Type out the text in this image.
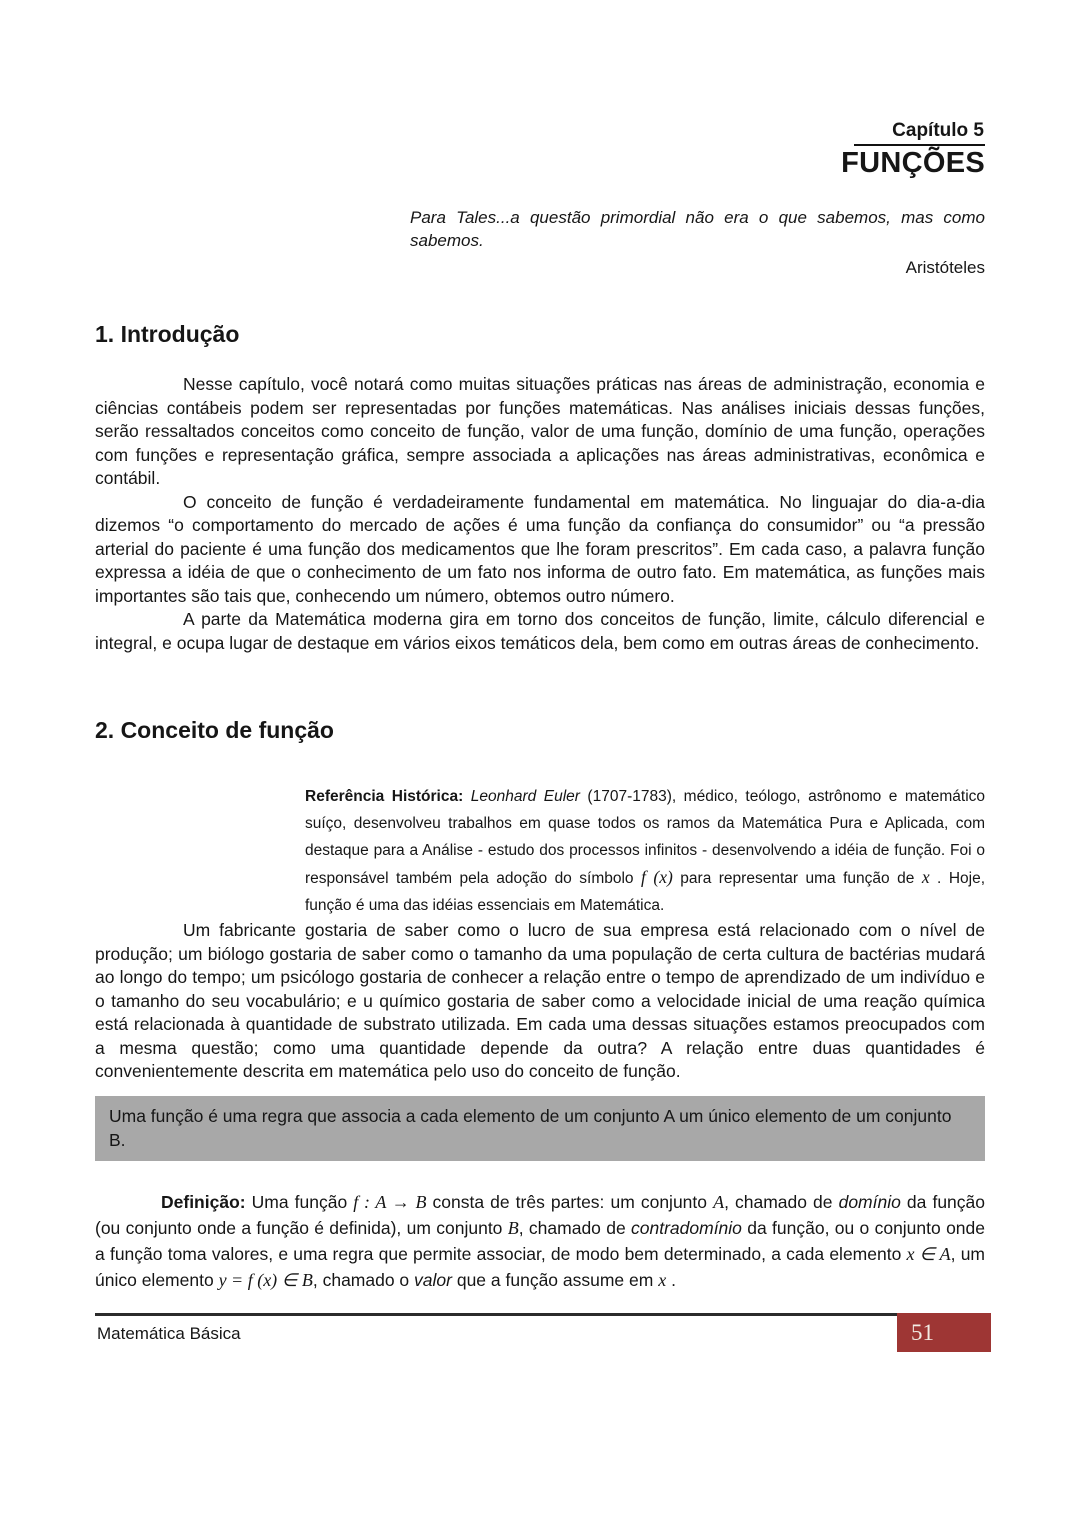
Capítulo 5
FUNÇÕES
Para Tales...a questão primordial não era o que sabemos, mas como sabemos.
Aristóteles
1. Introdução

Nesse capítulo, você notará como muitas situações práticas nas áreas de administração, economia e ciências contábeis podem ser representadas por funções matemáticas. Nas análises iniciais dessas funções, serão ressaltados conceitos como conceito de função, valor de uma função, domínio de uma função, operações com funções e representação gráfica, sempre associada a aplicações nas áreas administrativas, econômica e contábil.

O conceito de função é verdadeiramente fundamental em matemática. No linguajar do dia-a-dia dizemos “o comportamento do mercado de ações é uma função da confiança do consumidor” ou “a pressão arterial do paciente é uma função dos medicamentos que lhe foram prescritos”. Em cada caso, a palavra função expressa a idéia de que o conhecimento de um fato nos informa de outro fato. Em matemática, as funções mais importantes são tais que, conhecendo um número, obtemos outro número.

A parte da Matemática moderna gira em torno dos conceitos de função, limite, cálculo diferencial e integral, e ocupa lugar de destaque em vários eixos temáticos dela, bem como em outras áreas de conhecimento.

2. Conceito de função
Referência Histórica: Leonhard Euler (1707-1783), médico, teólogo, astrônomo e matemático suíço, desenvolveu trabalhos em quase todos os ramos da Matemática Pura e Aplicada, com destaque para a Análise - estudo dos processos infinitos - desenvolvendo a idéia de função. Foi o responsável também pela adoção do símbolo f (x) para representar uma função de x . Hoje, função é uma das idéias essenciais em Matemática.

Um fabricante gostaria de saber como o lucro de sua empresa está relacionado com o nível de produção; um biólogo gostaria de saber como o tamanho da uma população de certa cultura de bactérias mudará ao longo do tempo; um psicólogo gostaria de conhecer a relação entre o tempo de aprendizado de um indivíduo e o tamanho do seu vocabulário; e u químico gostaria de saber como a velocidade inicial de uma reação química está relacionada à quantidade de substrato utilizada. Em cada uma dessas situações estamos preocupados com a mesma questão; como uma quantidade depende da outra? A relação entre duas quantidades é convenientemente descrita em matemática pelo uso do conceito de função.

Uma função é uma regra que associa a cada elemento de um conjunto A um único elemento de um conjunto B.

Definição: Uma função f : A → B consta de três partes: um conjunto A, chamado de domínio da função (ou conjunto onde a função é definida), um conjunto B, chamado de contradomínio da função, ou o conjunto onde a função toma valores, e uma regra que permite associar, de modo bem determinado, a cada elemento x ∈ A, um único elemento y = f (x) ∈ B, chamado o valor que a função assume em x .

Matemática Básica	51
